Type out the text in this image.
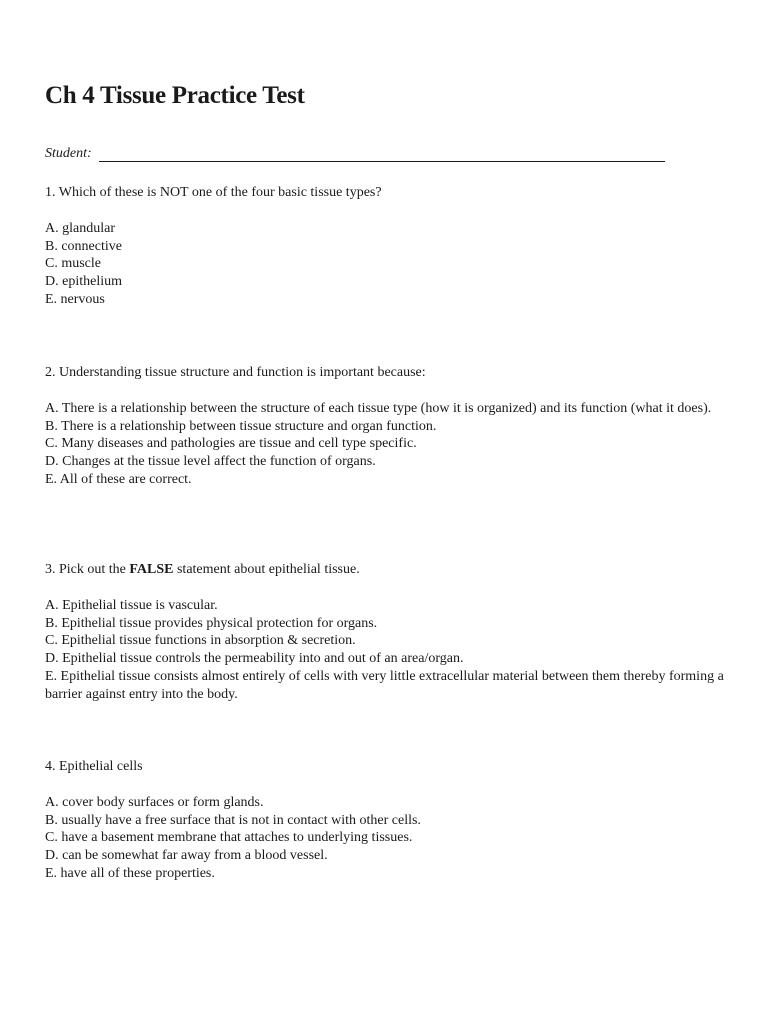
Ch 4 Tissue Practice Test
Student:

1. Which of these is NOT one of the four basic tissue types?

A. glandular
B. connective
C. muscle
D. epithelium
E. nervous

2. Understanding tissue structure and function is important because:

A. There is a relationship between the structure of each tissue type (how it is organized) and its function (what it does).
B. There is a relationship between tissue structure and organ function.
C. Many diseases and pathologies are tissue and cell type specific.
D. Changes at the tissue level affect the function of organs.
E. All of these are correct.

3. Pick out the FALSE statement about epithelial tissue.

A. Epithelial tissue is vascular.
B. Epithelial tissue provides physical protection for organs.
C. Epithelial tissue functions in absorption & secretion.
D. Epithelial tissue controls the permeability into and out of an area/organ.
E. Epithelial tissue consists almost entirely of cells with very little extracellular material between them thereby forming a barrier against entry into the body.

4. Epithelial cells

A. cover body surfaces or form glands.
B. usually have a free surface that is not in contact with other cells.
C. have a basement membrane that attaches to underlying tissues.
D. can be somewhat far away from a blood vessel.
E. have all of these properties.
